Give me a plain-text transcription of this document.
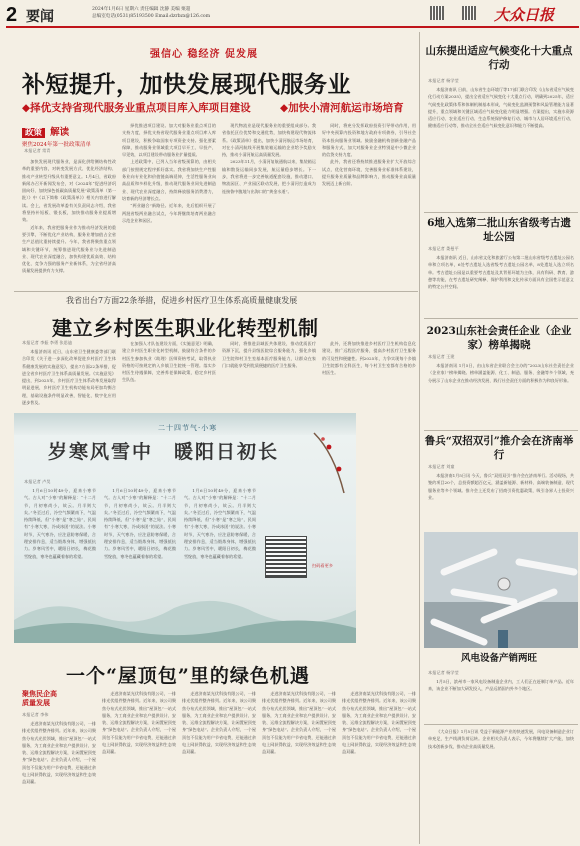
2 要闻	2024年1月6日 星期六 责任编辑 沈静 美编 栗超
总编室电话(0531)85193500 Email:dzrbzx@126.com	大众日报
强信心 稳经济 促发展
补短提升，加快发展现代服务业
◆择优支持省现代服务业重点项目库入库项目建设	◆加快小清河航运市场培育
政策 解读
聚焦2024年第一批政策清单
本报记者 常青

加快发展现代服务业，是深化供给侧结构性改革的重要内容，对转变发展方式、优化经济结构、推动产业转型升级具有重要意义。1月4日，省政府新闻办召开新闻发布会，对《2024年“促进经济巩固向好、加快绿色低碳高质量发展”政策清单（第一批）》中《以下简称《政策清单》》相关内容进行解读。会上，省发展改革委有关负责同志介绍，我省将坚持补短板、锻长板，加快推动服务业提质增效。

近年来，我省把服务业作为推动经济发展的重要引擎，不断优化产业结构，服务业增加值占全省生产总值比重持续提升。今年，我省将聚焦重点领域和关键环节，统筹推进现代服务业与先进制造业、现代农业深度融合，加快构建优质高效、结构优化、竞争力强的服务产业新体系，为全省经济高质量发展提供有力支撑。

择优推进项目建设。加大对服务业重点项目的支持力度，择优支持省现代服务业重点项目库入库项目建设，积极争取国家专项资金支持。强化要素保障，推动服务业领域重大项目早开工、早投产、早见效，以项目建设带动服务业扩量提质。

上述政策中，已列入当年省级预算的，由相关部门按照规定程序抓好落实。我省将加快生产性服务业向专业化和价值链高端延伸，生活性服务业向高品质和多样化升级，推动现代服务业同先进制造业、现代农业深度融合，持续释放服务消费潜力，培育新的经济增长点。

“两业融合”新路径。近年来，先后组织开展了两批省级两业融合试点，今年将继续培育两业融合示范企业和园区。

现代物流业是现代服务业的重要组成部分。我省依托区位优势和交通优势，加快构建现代物流体系。《政策清单》提出，加快小清河航运市场培育，对在小清河航线开展集装箱运输的企业给予奖励支持，推动小清河航运高质量发展。

2023年11月，小清河复航通航以来，集装箱运输和散货运输同步发展，航运量稳步增长。下一步，我省将进一步完善航道配套设施，推动港口、物流园区、产业园区联动发展，把小清河打造成为连接鲁中腹地与出海口的“黄金水道”。

同时，将充分发挥政府投资引导带动作用，用好中央预算内投资和地方政府专项债券，引导社会资本投向服务业领域。鼓励金融机构创新金融产品和服务方式，加大对服务业企业特别是中小微企业的信贷支持力度。

此外，我省还将持续推进服务业扩大开放综合试点，优化营商环境，完善服务业标准体系建设，提升服务业质量和品牌影响力，推动服务业高质量发展迈上新台阶。

我省出台7方面22条举措，促进乡村医疗卫生体系高质量健康发展
建立乡村医生职业化转型机制
本报记者 李振 李勇 张思迪

本报济南讯 近日，山东省卫生健康委等部门联合印发《关于进一步深化改革促进乡村医疗卫生体系健康发展的实施意见》，提出7方面22条举措，促进全省乡村医疗卫生体系高质量发展。《实施意见》提出，到2025年，乡村医疗卫生体系改革发展取得明显进展，乡村医疗卫生机构功能布局更加均衡合理，基础设施条件明显改善，智能化、数字化应用逐步普及。

在加强人才队伍建设方面，《实施意见》明确，建立乡村医生职业化转型机制，鼓励符合条件的乡村医生参加执业（助理）医师资格考试，取得执业资格的可按规定纳入乡镇卫生院统一管理。落实乡村医生待遇保障，完善养老保障政策，稳定乡村医生队伍。

同时，将推进县域医共体建设，推动优质医疗资源下沉，提升县级医院综合服务能力，强化乡镇卫生院和村卫生室基本医疗服务能力，让群众在家门口就能享受到优质便捷的医疗卫生服务。

此外，还将加快推进乡村医疗卫生机构信息化建设，推广远程医疗服务，提高乡村医疗卫生服务的可及性和便捷性。到2025年，力争实现每个乡镇卫生院都有全科医生，每个村卫生室都有合格的乡村医生。

二十四节气·小寒
岁寒风雪中　暖阳日初长
本报记者 卢昊

1月6日10时49分，迎来小寒节气。古人对“小寒”的解释是：“十二月节，月初寒尚小，故云。月半则大矣。”冬至过后，冷空气频繁南下，气温持续降低，但“小寒”是“寒之始”，民间有“小寒大寒，冷成冰团”的说法。小寒时节，天气寒冷，应注意防寒保暖，合理安排作息，适当锻炼身体，增强抵抗力。岁寒风雪中，暖阳日初长，梅花傲雪绽放，寒冬也蕴藏着春的希望。

1月6日10时49分，迎来小寒节气。古人对“小寒”的解释是：“十二月节，月初寒尚小，故云。月半则大矣。”冬至过后，冷空气频繁南下，气温持续降低，但“小寒”是“寒之始”，民间有“小寒大寒，冷成冰团”的说法。小寒时节，天气寒冷，应注意防寒保暖，合理安排作息，适当锻炼身体，增强抵抗力。岁寒风雪中，暖阳日初长，梅花傲雪绽放，寒冬也蕴藏着春的希望。

1月6日10时49分，迎来小寒节气。古人对“小寒”的解释是：“十二月节，月初寒尚小，故云。月半则大矣。”冬至过后，冷空气频繁南下，气温持续降低，但“小寒”是“寒之始”，民间有“小寒大寒，冷成冰团”的说法。小寒时节，天气寒冷，应注意防寒保暖，合理安排作息，适当锻炼身体，增强抵抗力。岁寒风雪中，暖阳日初长，梅花傲雪绽放，寒冬也蕴藏着春的希望。

扫码看更多
一个“屋顶包”里的绿色机遇
聚焦民企高质量发展
本报记者 李伟

走进济南某光伏科技有限公司，一排排光伏组件整齐排列。近年来，该公司聚焦分布式光伏领域，推出“屋顶包”一站式服务，为工商业企业和农户提供设计、安装、运维全流程解决方案，让闲置屋顶变身“绿色电站”。企业负责人介绍，一个屋顶包不仅能为用户节省电费，还能通过余电上网获得收益，实现经济效益和生态效益双赢。

走进济南某光伏科技有限公司，一排排光伏组件整齐排列。近年来，该公司聚焦分布式光伏领域，推出“屋顶包”一站式服务，为工商业企业和农户提供设计、安装、运维全流程解决方案，让闲置屋顶变身“绿色电站”。企业负责人介绍，一个屋顶包不仅能为用户节省电费，还能通过余电上网获得收益，实现经济效益和生态效益双赢。

走进济南某光伏科技有限公司，一排排光伏组件整齐排列。近年来，该公司聚焦分布式光伏领域，推出“屋顶包”一站式服务，为工商业企业和农户提供设计、安装、运维全流程解决方案，让闲置屋顶变身“绿色电站”。企业负责人介绍，一个屋顶包不仅能为用户节省电费，还能通过余电上网获得收益，实现经济效益和生态效益双赢。

走进济南某光伏科技有限公司，一排排光伏组件整齐排列。近年来，该公司聚焦分布式光伏领域，推出“屋顶包”一站式服务，为工商业企业和农户提供设计、安装、运维全流程解决方案，让闲置屋顶变身“绿色电站”。企业负责人介绍，一个屋顶包不仅能为用户节省电费，还能通过余电上网获得收益，实现经济效益和生态效益双赢。

走进济南某光伏科技有限公司，一排排光伏组件整齐排列。近年来，该公司聚焦分布式光伏领域，推出“屋顶包”一站式服务，为工商业企业和农户提供设计、安装、运维全流程解决方案，让闲置屋顶变身“绿色电站”。企业负责人介绍，一个屋顶包不仅能为用户节省电费，还能通过余电上网获得收益，实现经济效益和生态效益双赢。

山东提出适应气候变化十大重点行动
本报记者 杨学莹

本报济南讯 日前，山东省生态环境厅等17部门联合印发《山东省适应气候变化行动方案2035》，提出全省适应气候变化十大重点行动，明确到2025年，适应气候变化政策体系和体制机制基本形成，气候变化监测预警和风险管理能力显著提升，重点领域和关键区域适应气候变化能力明显增强。方案提出，实施水资源适应行动、农业适应行动、生态系统保护修复行动、城市与人居环境适应行动、健康适应行动等，推动全社会适应气候变化意识和能力不断提高。

6地入选第二批山东省级考古遗址公园
本报记者 娄曼平

本报济南讯 近日，山东省文化和旅游厅公布第二批山东省级考古遗址公园名单和立项名单，6处考古遗址入选省级考古遗址公园名单，8处遗址入选立项名单。考古遗址公园是以重要考古遗址及其背景环境为主体，具有科研、教育、游憩等功能，在考古遗址研究阐释、保护利用和文化传承方面具有全国性示范意义的特定公共空间。

2023山东社会责任企业（企业家）榜单揭晓
本报记者 王建

本报济南讯 1月5日，由山东省企业联合会主办的“2023山东社会责任企业（企业家）”榜单揭晓。榜单涵盖能源、化工、制造、服务、金融等多个领域，充分展示了山东企业在推动经济发展、践行社会责任方面的积极作为和良好形象。

鲁兵“双招双引”推介会在济南举行
本报记者 刘童

本报济南1月5日讯 今天，鲁兵“双招双引”推介会在济南举行。活动现场，共签约项目20个，总投资额超百亿元，涵盖新能源、新材料、高端装备制造、现代服务业等多个领域。推介会上还发布了招商引资优惠政策，吸引各界人士投资兴业。

风电设备产销两旺
本报记者 杨学莹

1月5日，滨州市一家风电设备制造企业内，工人们正在赶制订单产品。近年来，该企业不断加大研发投入，产品远销国内外多个地区。

《大众日报》1月5日讯 受益于新能源产业的快速发展，风电设备制造企业订单充足，生产线满负荷运转。企业相关负责人表示，今年将继续扩大产能，加快技术创新步伐，推动企业高质量发展。
